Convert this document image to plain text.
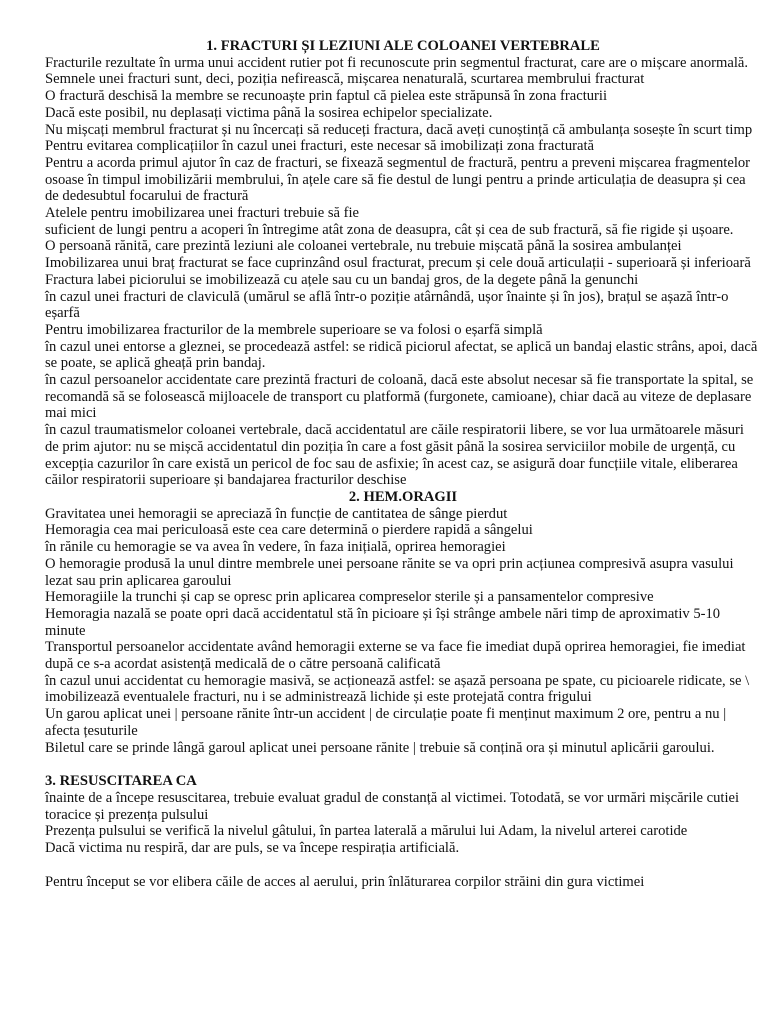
1. FRACTURI ȘI LEZIUNI ALE COLOANEI VERTEBRALE
Fracturile rezultate în urma unui accident rutier pot fi recunoscute prin segmentul fracturat, care are o mișcare anormală.
Semnele unei fracturi sunt, deci, poziția nefirească, mișcarea nenaturală, scurtarea membrului fracturat
O fractură deschisă la membre se recunoaște prin faptul că pielea este străpunsă în zona fracturii
Dacă este posibil, nu deplasați victima până la sosirea echipelor specializate.
Nu mișcați membrul fracturat și nu încercați să reduceți fractura, dacă aveți cunoștință că ambulanța sosește în scurt timp
Pentru evitarea complicațiilor în cazul unei fracturi, este necesar să imobilizați zona fracturată
Pentru a acorda primul ajutor în caz de fracturi, se fixează segmentul de fractură, pentru a preveni mișcarea fragmentelor osoase în timpul imobilizării membrului, în ațele care să fie destul de lungi pentru a prinde articulația de deasupra și cea de dedesubtul focarului de fractură
Atelele pentru imobilizarea unei fracturi trebuie să fie
suficient de lungi pentru a acoperi în întregime atât zona de deasupra, cât și cea de sub fractură, să fie rigide și ușoare.
O persoană rănită, care prezintă leziuni ale coloanei vertebrale, nu trebuie mișcată până la sosirea ambulanței
Imobilizarea unui braț fracturat se face cuprinzând osul fracturat, precum și cele două articulații - superioară și inferioară
Fractura labei piciorului se imobilizează cu ațele sau cu un bandaj gros, de la degete până la genunchi
în cazul unei fracturi de claviculă (umărul se află într-o poziție atârnândă, ușor înainte și în jos), brațul se așază într-o eșarfă
Pentru imobilizarea fracturilor de la membrele superioare se va folosi o eșarfă simplă
în cazul unei entorse a gleznei, se procedează astfel: se ridică piciorul afectat, se aplică un bandaj elastic strâns, apoi, dacă se poate, se aplică gheață prin bandaj.
în cazul persoanelor accidentate care prezintă fracturi de coloană, dacă este absolut necesar să fie transportate la spital, se recomandă să se folosească mijloacele de transport cu platformă (furgonete, camioane), chiar dacă au viteze de deplasare mai mici
în cazul traumatismelor coloanei vertebrale, dacă accidentatul are căile respiratorii libere, se vor lua următoarele măsuri de prim ajutor: nu se mișcă accidentatul din poziția în care a fost găsit până la sosirea serviciilor mobile de urgență, cu excepția cazurilor în care există un pericol de foc sau de asfixie; în acest caz, se asigură doar funcțiile vitale, eliberarea căilor respiratorii superioare și bandajarea fracturilor deschise
2. HEM.ORAGII
Gravitatea unei hemoragii se apreciază în funcție de cantitatea de sânge pierdut
Hemoragia cea mai periculoasă este cea care determină o pierdere rapidă a sângelui
în rănile cu hemoragie se va avea în vedere, în faza inițială, oprirea hemoragiei
O hemoragie produsă la unul dintre membrele unei persoane rănite se va opri prin acțiunea compresivă asupra vasului lezat sau prin aplicarea garoului
Hemoragiile la trunchi și cap se opresc prin aplicarea compreselor sterile și a pansamentelor compresive
Hemoragia nazală se poate opri dacă accidentatul stă în picioare și își strânge ambele nări timp de aproximativ 5-10 minute
Transportul persoanelor accidentate având hemoragii externe se va face fie imediat după oprirea hemoragiei, fie imediat după ce s-a acordat asistență medicală de o către persoană calificată
în cazul unui accidentat cu hemoragie masivă, se acționează astfel: se așază persoana pe spate, cu picioarele ridicate, se \ imobilizează eventualele fracturi, nu i se administrează lichide și este protejată contra frigului
Un garou aplicat unei | persoane rănite într-un accident | de circulație poate fi menținut maximum 2 ore, pentru a nu | afecta țesuturile
Biletul care se prinde lângă garoul aplicat unei persoane rănite | trebuie să conțină ora și minutul aplicării garoului.
3. RESUSCITAREA CA
înainte de a începe resuscitarea, trebuie evaluat gradul de constanță al victimei. Totodată, se vor urmări mișcările cutiei toracice și prezența pulsului
Prezența pulsului se verifică la nivelul gâtului, în partea laterală a mărului lui Adam, la nivelul arterei carotide
Dacă victima nu respiră, dar are puls, se va începe respirația artificială.
Pentru început se vor elibera căile de acces al aerului, prin înlăturarea corpilor străini din gura victimei
